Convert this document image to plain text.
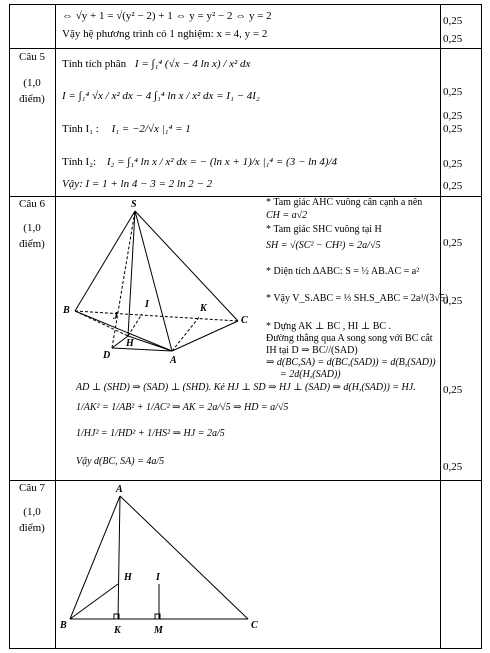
⇔ √y + 1 = √(y² − 2) + 1 ⇔ y = y² − 2 ⇔ y = 2
Vậy hệ phương trình có 1 nghiệm: x = 4, y = 2
0,25
0,25
Câu 5
(1,0
điểm)
Tính tích phân I = ∫₁⁴ (√x − 4 ln x) / x² dx
I = ∫₁⁴ √x / x² dx − 4 ∫₁⁴ ln x / x² dx = I₁ − 4I₂
Tính I₁ : I₁ = −2/√x |₁⁴ = 1
Tính I₂: I₂ = ∫₁⁴ ln x / x² dx = − (ln x + 1)/x |₁⁴ = (3 − ln 4)/4
Vậy: I = 1 + ln 4 − 3 = 2 ln 2 − 2
0,25
0,25
0,25
0,25
0,25
Câu 6
(1,0
điểm)
S
B
C
A
D
H
I
J
K
* Tam giác AHC vuông cân cạnh a nên
CH = a√2
* Tam giác SHC vuông tại H
SH = √(SC² − CH²) = 2a/√5
* Diện tích ΔABC: S = ½ AB.AC = a²
* Vậy V_S.ABC = ⅓ SH.S_ABC = 2a³/(3√5)
* Dựng AK ⊥ BC , HI ⊥ BC .
Đường thẳng qua A song song với BC cắt
IH tại D ⇒ BC//(SAD)
⇒ d(BC,SA) = d(BC,(SAD)) = d(B,(SAD))
= 2d(H,(SAD))
AD ⊥ (SHD) ⇒ (SAD) ⊥ (SHD). Kẻ HJ ⊥ SD ⇒ HJ ⊥ (SAD) ⇒ d(H,(SAD)) = HJ.
1/AK² = 1/AB² + 1/AC² ⇒ AK = 2a/√5 ⇒ HD = a/√5
1/HJ² = 1/HD² + 1/HS² ⇒ HJ = 2a/5
Vậy d(BC, SA) = 4a/5
0,25
0,25
0,25
0,25
Câu 7
(1,0
điểm)
A
B	C
H I
K	M
